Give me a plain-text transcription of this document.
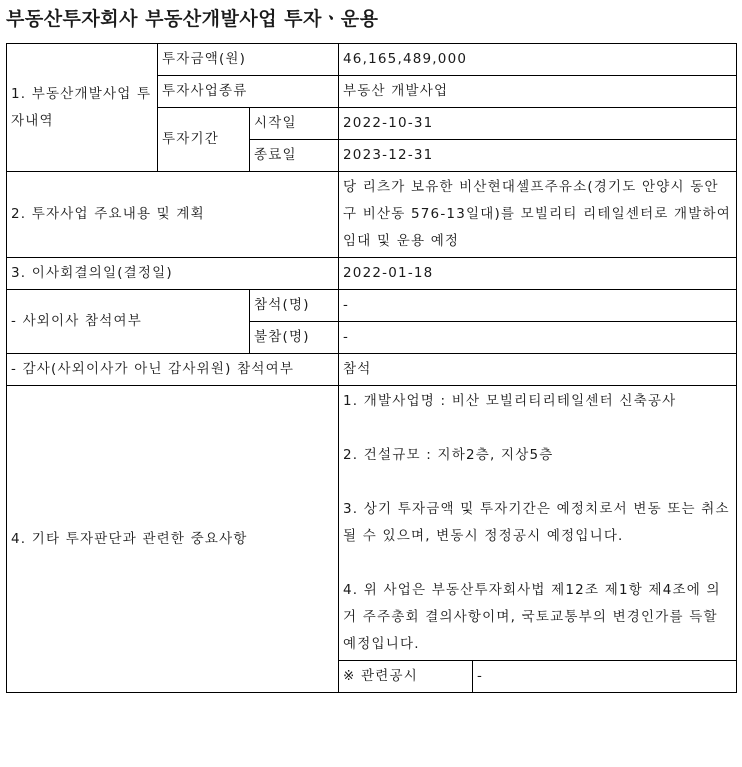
부동산투자회사 부동산개발사업 투자ㆍ운용
1. 부동산개발사업 투자내역	투자금액(원)		46,165,489,000	
	투자사업종류		부동산 개발사업	
	투자기간	시작일	2022-10-31	
		종료일	2023-12-31	
2. 투자사업 주요내용 및 계획			당 리츠가 보유한 비산현대셀프주유소(경기도 안양시 동안구 비산동 576-13일대)를 모빌리티 리테일센터로 개발하여 임대 및 운용 예정	
3. 이사회결의일(결정일)			2022-01-18	
- 사외이사 참석여부		참석(명)	-	
		불참(명)	-	
- 감사(사외이사가 아닌 감사위원) 참석여부			참석	
4. 기타 투자판단과 관련한 중요사항			1. 개발사업명 : 비산 모빌리티리테일센터 신축공사

2. 건설규모 : 지하2층, 지상5층

3. 상기 투자금액 및 투자기간은 예정치로서 변동 또는 취소될 수 있으며, 변동시 정정공시 예정입니다.

4. 위 사업은 부동산투자회사법 제12조 제1항 제4조에 의거 주주총회 결의사항이며, 국토교통부의 변경인가를 득할 예정입니다.	

			※ 관련공시	-
